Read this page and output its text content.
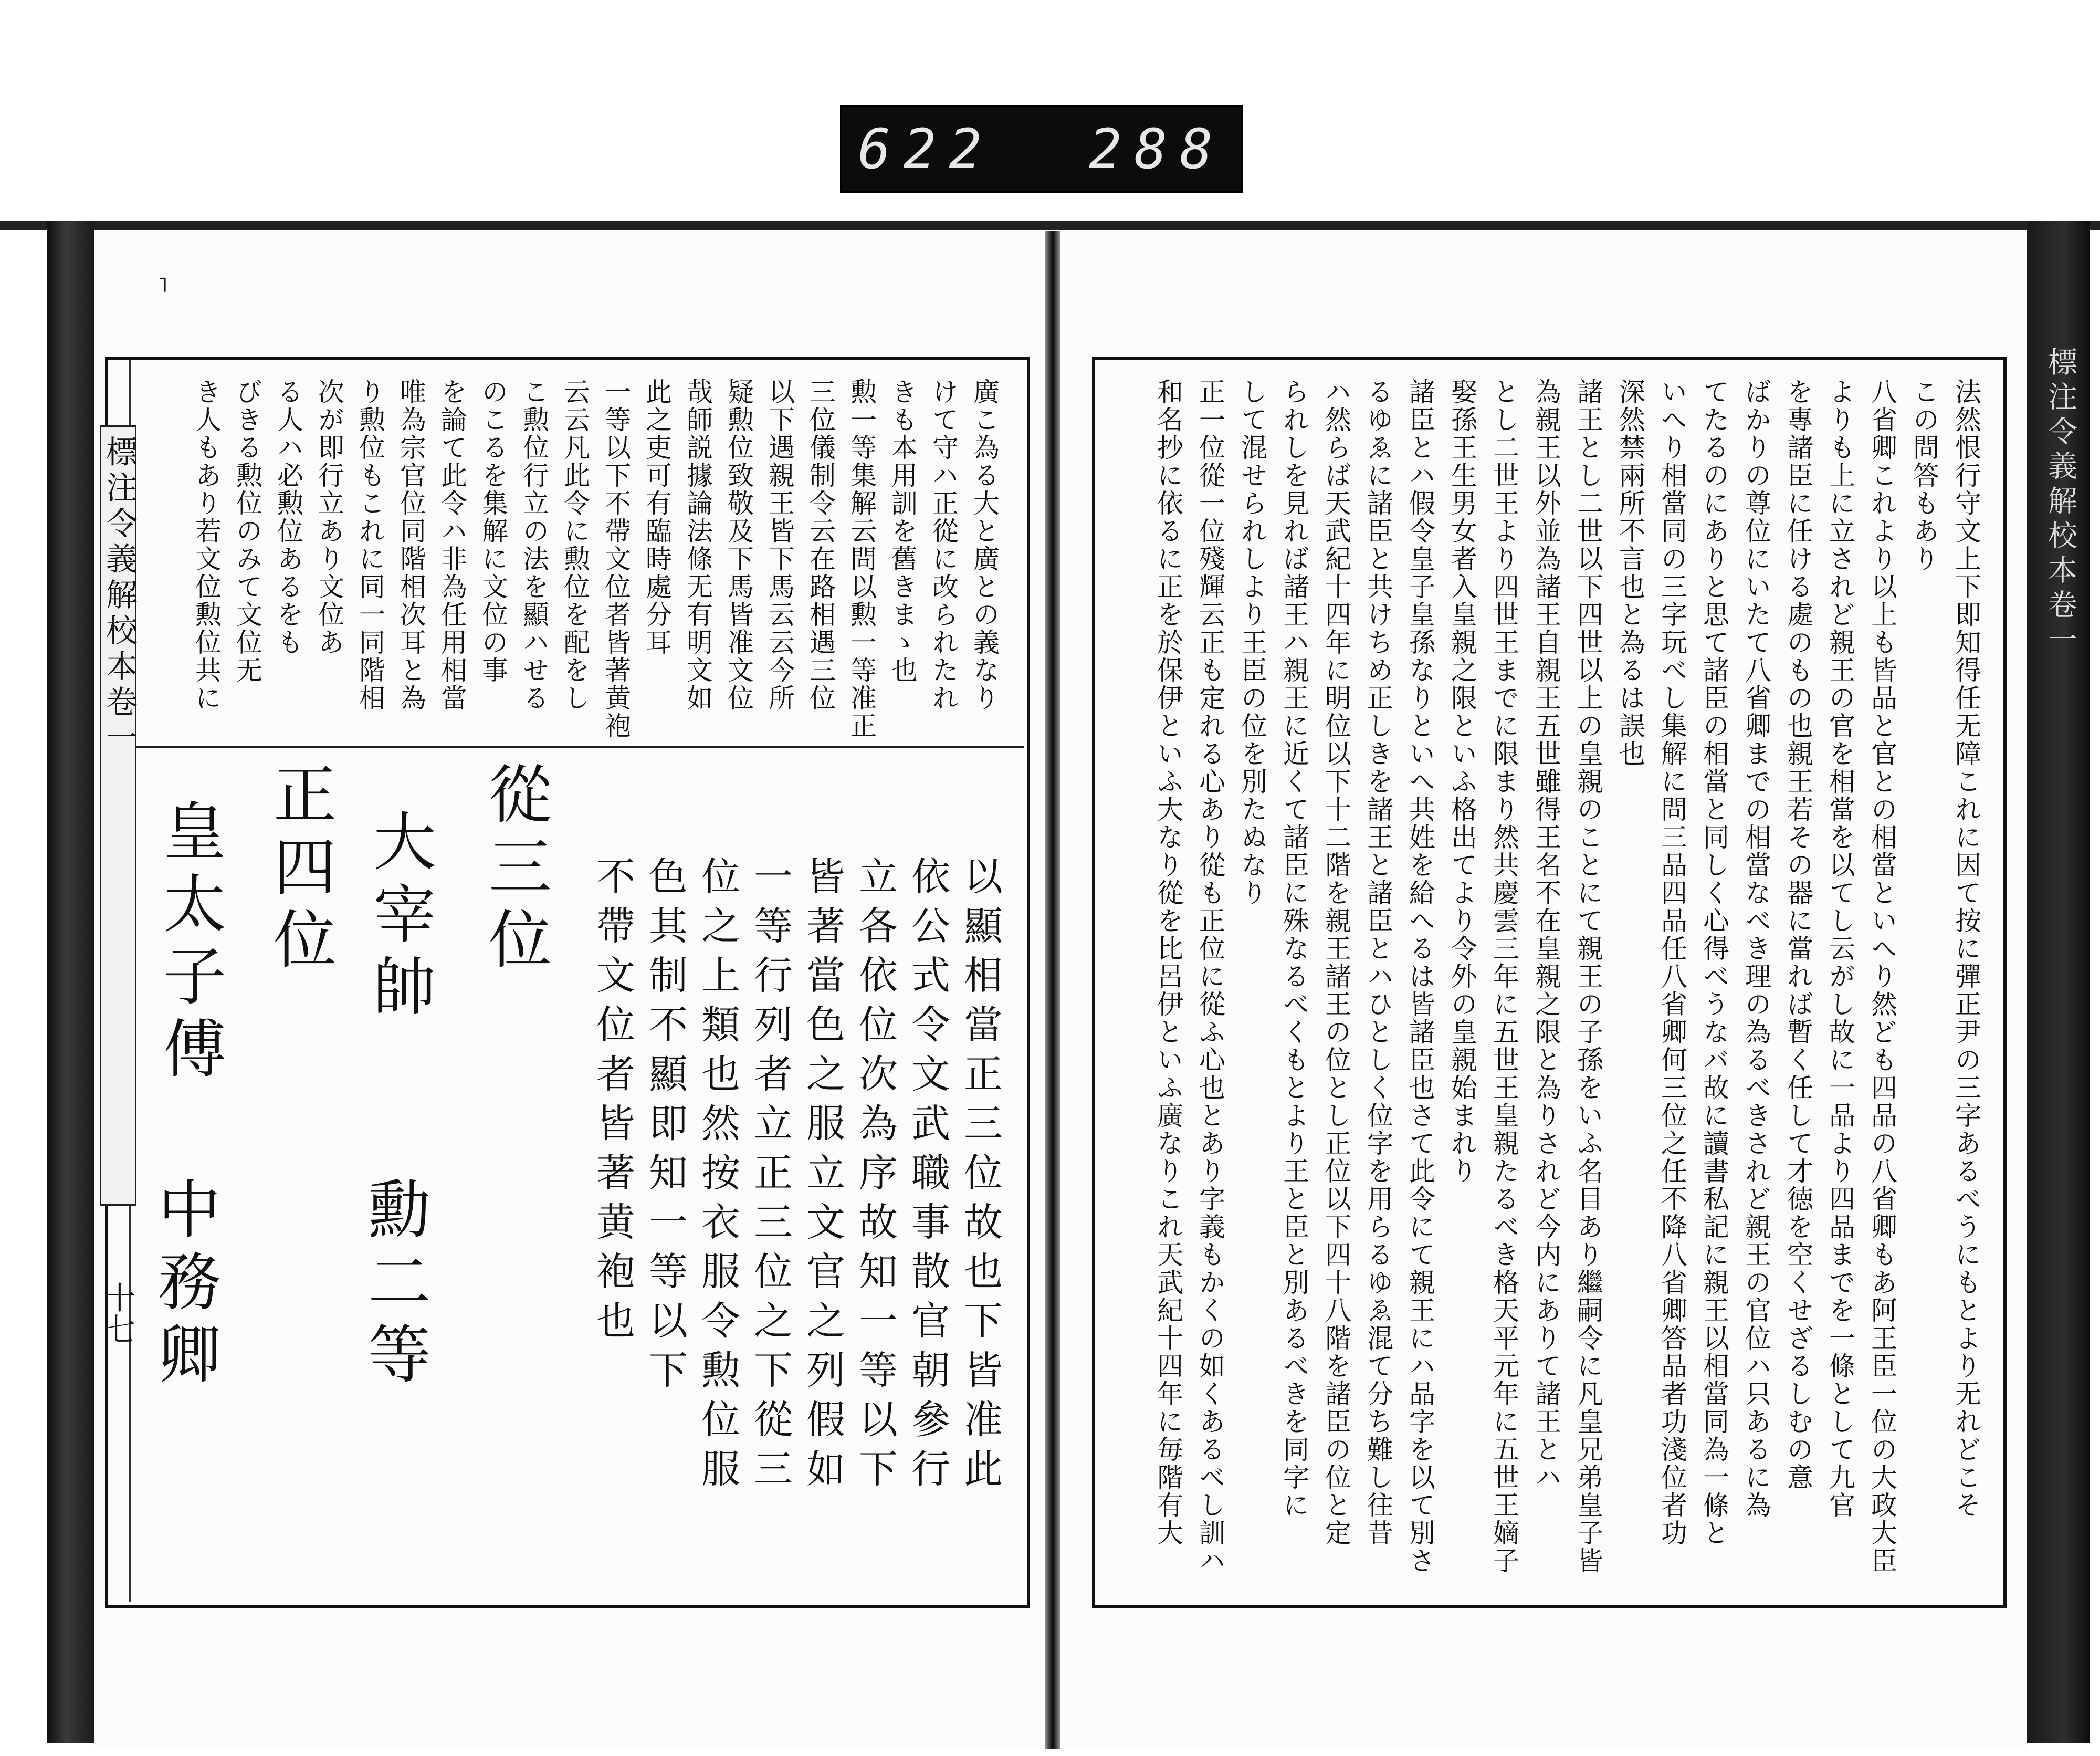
622 288
標注令義解校本卷一
˥
標注令義解校本卷一
十七
廣こ為る大と廣との義なり
けて守ハ正從に改られたれ
きも本用訓を舊きまゝ也
勲一等集解云問以勲一等准正
三位儀制令云在路相遇三位
以下遇親王皆下馬云云今所
疑勲位致敬及下馬皆准文位
哉師説據論法條无有明文如
此之吏可有臨時處分耳
一等以下不帶文位者皆著黄袍
云云凡此令に勲位を配をし
こ勲位行立の法を顯ハせる
のこるを集解に文位の事
を論て此令ハ非為任用相當
唯為宗官位同階相次耳と為
り勲位もこれに同一同階相
次が即行立あり文位あ
る人ハ必勲位あるをも
びきる勲位のみて文位无
き人もあり若文位勲位共に
從三位
大宰帥
勳二等
正四位
皇太子傅
中務卿	以顯相當正三位故也下皆准此
依公式令文武職事散官朝參行
立各依位次為序故知一等以下
皆著當色之服立文官之列假如
一等行列者立正三位之下從三
位之上類也然按衣服令勲位服
色其制不顯即知一等以下
不帶文位者皆著黄袍也	法然恨行守文上下即知得任无障これに因て按に彈正尹の三字あるべうにもとより无れどこそ
この問答もあり
八省卿これより以上も皆品と官との相當といへり然ども四品の八省卿もあ阿王臣一位の大政大臣
よりも上に立されど親王の官を相當を以てし云がし故に一品より四品までを一條として九官
を專諸臣に任ける處のもの也親王若その器に當れば暫く任して才徳を空くせざるしむの意
ばかりの尊位にいたて八省卿までの相當なべき理の為るべきされど親王の官位ハ只あるに為
てたるのにありと思て諸臣の相當と同しく心得べうなバ故に讀書私記に親王以相當同為一條と
いへり相當同の三字玩べし集解に問三品四品任八省卿何三位之任不降八省卿答品者功淺位者功
深然禁兩所不言也と為るは誤也
諸王とし二世以下四世以上の皇親のことにて親王の子孫をいふ名目あり繼嗣令に凡皇兄弟皇子皆
為親王以外並為諸王自親王五世雖得王名不在皇親之限と為りされど今内にありて諸王とハ
とし二世王より四世王までに限まり然共慶雲三年に五世王皇親たるべき格天平元年に五世王嫡子
娶孫王生男女者入皇親之限といふ格出てより令外の皇親始まれり
諸臣とハ假令皇子皇孫なりといへ共姓を給へるは皆諸臣也さて此令にて親王にハ品字を以て別さ
るゆゑに諸臣と共けちめ正しきを諸王と諸臣とハひとしく位字を用らるゆゑ混て分ち難し往昔
ハ然らば天武紀十四年に明位以下十二階を親王諸王の位とし正位以下四十八階を諸臣の位と定
られしを見れば諸王ハ親王に近くて諸臣に殊なるべくもとより王と臣と別あるべきを同字に
して混せられしより王臣の位を別たぬなり
正一位從一位殘輝云正も定れる心あり從も正位に從ふ心也とあり字義もかくの如くあるべし訓ハ
和名抄に依るに正を於保伊といふ大なり從を比呂伊といふ廣なりこれ天武紀十四年に毎階有大
